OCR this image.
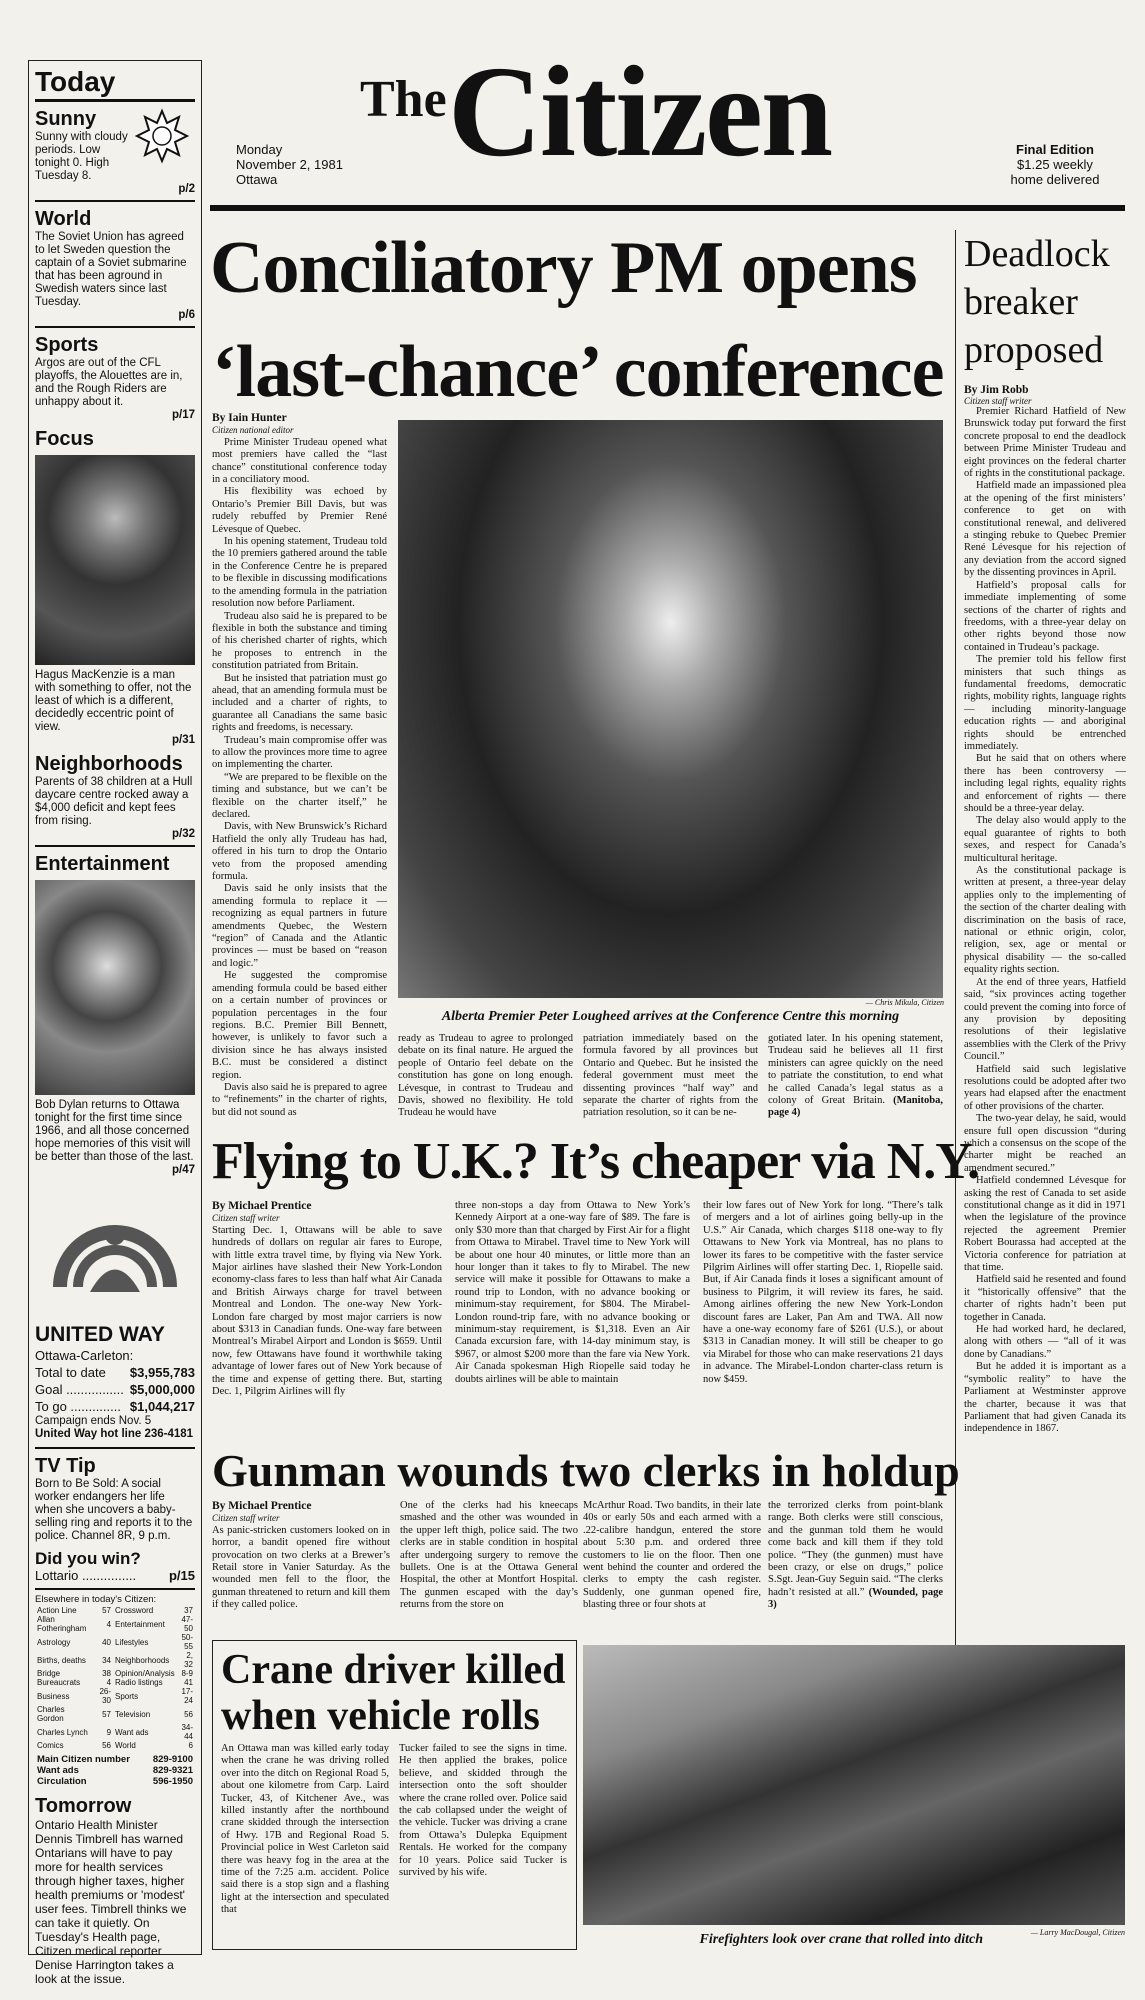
Today
Sunny

Sunny with cloudy periods. Low tonight 0. High Tuesday 8.

p/2

World

The Soviet Union has agreed to let Sweden question the captain of a Soviet submarine that has been aground in Swedish waters since last Tuesday.

p/6

Sports

Argos are out of the CFL playoffs, the Alouettes are in, and the Rough Riders are unhappy about it.

p/17

Focus

Hagus MacKenzie is a man with something to offer, not the least of which is a different, decidedly eccentric point of view.

p/31

Neighborhoods

Parents of 38 children at a Hull daycare centre rocked away a $4,000 deficit and kept fees from rising.

p/32

Entertainment

Bob Dylan returns to Ottawa tonight for the first time since 1966, and all those concerned hope memories of this visit will be better than those of the last.

p/47

UNITED WAY

Ottawa-Carleton:

Total to date $3,955,783

Goal ................ $5,000,000

To go .............. $1,044,217

Campaign ends Nov. 5

United Way hot line 236-4181

TV Tip

Born to Be Sold: A social worker endangers her life when she uncovers a baby-selling ring and reports it to the police. Channel 8R, 9 p.m.

Did you win?

Lottario ...............	p/15

Elsewhere in today's Citizen:

Action Line	57	Crossword	37
Allan Fotheringham	4	Entertainment	47-50
Astrology	40	Lifestyles	50-55
Births, deaths	34	Neighborhoods	2, 32
Bridge	38	Opinion/Analysis	8-9
Bureaucrats	4	Radio listings	41
Business	26-30	Sports	17-24
Charles Gordon	57	Television	56
Charles Lynch	9	Want ads	34-44
Comics	56	World	6
Main Citizen number	829-9100
Want ads	829-9321
Circulation	596-1950
Tomorrow

Ontario Health Minister Dennis Timbrell has warned Ontarians will have to pay more for health services through higher taxes, higher health premiums or 'modest' user fees. Timbrell thinks we can take it quietly. On Tuesday's Health page, Citizen medical reporter Denise Harrington takes a look at the issue.

The Citizen
Monday
November 2, 1981
Ottawa
Final Edition
$1.25 weekly
home delivered
Conciliatory PM opens
‘last-chance’ conference
By Iain Hunter
Citizen national editor

Prime Minister Trudeau opened what most premiers have called the “last chance” constitutional conference today in a conciliatory mood.

His flexibility was echoed by Ontario’s Premier Bill Davis, but was rudely rebuffed by Premier René Lévesque of Quebec.

In his opening statement, Trudeau told the 10 premiers gathered around the table in the Conference Centre he is prepared to be flexible in discussing modifications to the amending formula in the patriation resolution now before Parliament.

Trudeau also said he is prepared to be flexible in both the substance and timing of his cherished charter of rights, which he proposes to entrench in the constitution patriated from Britain.

But he insisted that patriation must go ahead, that an amending formula must be included and a charter of rights, to guarantee all Canadians the same basic rights and freedoms, is necessary.

Trudeau’s main compromise offer was to allow the provinces more time to agree on implementing the charter.

“We are prepared to be flexible on the timing and substance, but we can’t be flexible on the charter itself,” he declared.

Davis, with New Brunswick’s Richard Hatfield the only ally Trudeau has had, offered in his turn to drop the Ontario veto from the proposed amending formula.

Davis said he only insists that the amending formula to replace it — recognizing as equal partners in future amendments Quebec, the Western “region” of Canada and the Atlantic provinces — must be based on “reason and logic.”

He suggested the compromise amending formula could be based either on a certain number of provinces or population percentages in the four regions. B.C. Premier Bill Bennett, however, is unlikely to favor such a division since he has always insisted B.C. must be considered a distinct region.

Davis also said he is prepared to agree to “refinements” in the charter of rights, but did not sound as

— Chris Mikula, Citizen
Alberta Premier Peter Lougheed arrives at the Conference Centre this morning
ready as Trudeau to agree to prolonged debate on its final nature. He argued the people of Ontario feel debate on the constitution has gone on long enough. Lévesque, in contrast to Trudeau and Davis, showed no flexibility. He told Trudeau he would have
patriation immediately based on the formula favored by all provinces but Ontario and Quebec. But he insisted the federal government must meet the dissenting provinces “half way” and separate the charter of rights from the patriation resolution, so it can be ne-
gotiated later. In his opening statement, Trudeau said he believes all 11 first ministers can agree quickly on the need to patriate the constitution, to end what he called Canada’s legal status as a colony of Great Britain. (Manitoba, page 4)
Deadlock
breaker
proposed
By Jim Robb
Citizen staff writer

Premier Richard Hatfield of New Brunswick today put forward the first concrete proposal to end the deadlock between Prime Minister Trudeau and eight provinces on the federal charter of rights in the constitutional package.

Hatfield made an impassioned plea at the opening of the first ministers’ conference to get on with constitutional renewal, and delivered a stinging rebuke to Quebec Premier René Lévesque for his rejection of any deviation from the accord signed by the dissenting provinces in April.

Hatfield’s proposal calls for immediate implementing of some sections of the charter of rights and freedoms, with a three-year delay on other rights beyond those now contained in Trudeau’s package.

The premier told his fellow first ministers that such things as fundamental freedoms, democratic rights, mobility rights, language rights — including minority-language education rights — and aboriginal rights should be entrenched immediately.

But he said that on others where there has been controversy — including legal rights, equality rights and enforcement of rights — there should be a three-year delay.

The delay also would apply to the equal guarantee of rights to both sexes, and respect for Canada’s multicultural heritage.

As the constitutional package is written at present, a three-year delay applies only to the implementing of the section of the charter dealing with discrimination on the basis of race, national or ethnic origin, color, religion, sex, age or mental or physical disability — the so-called equality rights section.

At the end of three years, Hatfield said, “six provinces acting together could prevent the coming into force of any provision by depositing resolutions of their legislative assemblies with the Clerk of the Privy Council.”

Hatfield said such legislative resolutions could be adopted after two years had elapsed after the enactment of other provisions of the charter.

The two-year delay, he said, would ensure full open discussion “during which a consensus on the scope of the charter might be reached an amendment secured.”

Hatfield condemned Lévesque for asking the rest of Canada to set aside constitutional change as it did in 1971 when the legislature of the province rejected the agreement Premier Robert Bourassa had accepted at the Victoria conference for patriation at that time.

Hatfield said he resented and found it “historically offensive” that the charter of rights hadn’t been put together in Canada.

He had worked hard, he declared, along with others — “all of it was done by Canadians.”

But he added it is important as a “symbolic reality” to have the Parliament at Westminster approve the charter, because it was that Parliament that had given Canada its independence in 1867.

Flying to U.K.? It’s cheaper via N.Y.
By Michael Prentice
Citizen staff writer
Starting Dec. 1, Ottawans will be able to save hundreds of dollars on regular air fares to Europe, with little extra travel time, by flying via New York. Major airlines have slashed their New York-London economy-class fares to less than half what Air Canada and British Airways charge for travel between Montreal and London. The one-way New York-London fare charged by most major carriers is now about $313 in Canadian funds. One-way fare between Montreal’s Mirabel Airport and London is $659. Until now, few Ottawans have found it worthwhile taking advantage of lower fares out of New York because of the time and expense of getting there. But, starting Dec. 1, Pilgrim Airlines will fly
three non-stops a day from Ottawa to New York’s Kennedy Airport at a one-way fare of $89. The fare is only $30 more than that charged by First Air for a flight from Ottawa to Mirabel. Travel time to New York will be about one hour 40 minutes, or little more than an hour longer than it takes to fly to Mirabel. The new service will make it possible for Ottawans to make a round trip to London, with no advance booking or minimum-stay requirement, for $804. The Mirabel-London round-trip fare, with no advance booking or minimum-stay requirement, is $1,318. Even an Air Canada excursion fare, with 14-day minimum stay, is $967, or almost $200 more than the fare via New York. Air Canada spokesman High Riopelle said today he doubts airlines will be able to maintain
their low fares out of New York for long. “There’s talk of mergers and a lot of airlines going belly-up in the U.S.” Air Canada, which charges $118 one-way to fly Ottawans to New York via Montreal, has no plans to lower its fares to be competitive with the faster service Pilgrim Airlines will offer starting Dec. 1, Riopelle said. But, if Air Canada finds it loses a significant amount of business to Pilgrim, it will review its fares, he said. Among airlines offering the new New York-London discount fares are Laker, Pan Am and TWA. All now have a one-way economy fare of $261 (U.S.), or about $313 in Canadian money. It will still be cheaper to go via Mirabel for those who can make reservations 21 days in advance. The Mirabel-London charter-class return is now $459.
Gunman wounds two clerks in holdup
By Michael Prentice
Citizen staff writer
As panic-stricken customers looked on in horror, a bandit opened fire without provocation on two clerks at a Brewer’s Retail store in Vanier Saturday. As the wounded men fell to the floor, the gunman threatened to return and kill them if they called police.
One of the clerks had his kneecaps smashed and the other was wounded in the upper left thigh, police said. The two clerks are in stable condition in hospital after undergoing surgery to remove the bullets. One is at the Ottawa General Hospital, the other at Montfort Hospital. The gunmen escaped with the day’s returns from the store on
McArthur Road. Two bandits, in their late 40s or early 50s and each armed with a .22-calibre handgun, entered the store about 5:30 p.m. and ordered three customers to lie on the floor. Then one went behind the counter and ordered the clerks to empty the cash register. Suddenly, one gunman opened fire, blasting three or four shots at
the terrorized clerks from point-blank range. Both clerks were still conscious, and the gunman told them he would come back and kill them if they told police. “They (the gunmen) must have been crazy, or else on drugs,” police S.Sgt. Jean-Guy Seguin said. “The clerks hadn’t resisted at all.” (Wounded, page 3)
Crane driver killed
when vehicle rolls
An Ottawa man was killed early today when the crane he was driving rolled over into the ditch on Regional Road 5, about one kilometre from Carp. Laird Tucker, 43, of Kitchener Ave., was killed instantly after the northbound crane skidded through the intersection of Hwy. 17B and Regional Road 5. Provincial police in West Carleton said there was heavy fog in the area at the time of the 7:25 a.m. accident. Police said there is a stop sign and a flashing light at the intersection and speculated that
Tucker failed to see the signs in time. He then applied the brakes, police believe, and skidded through the intersection onto the soft shoulder where the crane rolled over. Police said the cab collapsed under the weight of the vehicle. Tucker was driving a crane from Ottawa’s Dulepka Equipment Rentals. He worked for the company for 10 years. Police said Tucker is survived by his wife.
Firefighters look over crane that rolled into ditch	— Larry MacDougal, Citizen
